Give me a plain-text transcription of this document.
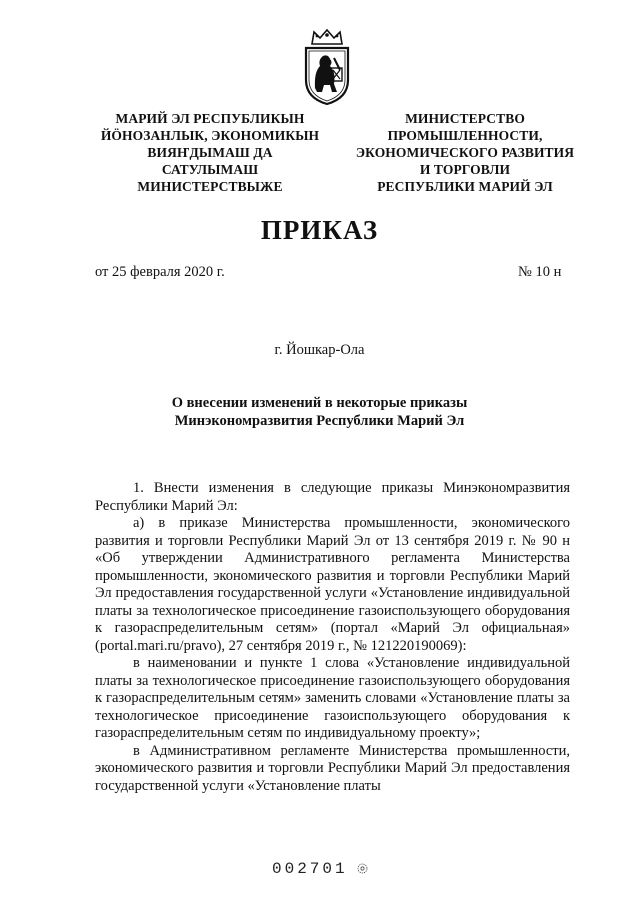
МАРИЙ ЭЛ РЕСПУБЛИКЫН
ЙӦНОЗАНЛЫК, ЭКОНОМИКЫН
ВИЯҤДЫМАШ ДА
САТУЛЫМАШ
МИНИСТЕРСТВЫЖЕ
МИНИСТЕРСТВО
ПРОМЫШЛЕННОСТИ,
ЭКОНОМИЧЕСКОГО РАЗВИТИЯ
И ТОРГОВЛИ
РЕСПУБЛИКИ МАРИЙ ЭЛ
ПРИКАЗ
от 25 февраля 2020 г.	№ 10 н
г. Йошкар-Ола
О внесении изменений в некоторые приказы
Минэкономразвития Республики Марий Эл

1. Внести изменения в следующие приказы Минэкономразвития Республики Марий Эл:

а) в приказе Министерства промышленности, экономического развития и торговли Республики Марий Эл от 13 сентября 2019 г. № 90 н «Об утверждении Административного регламента Министерства промышленности, экономического развития и торговли Республики Марий Эл предоставления государственной услуги «Установление индивидуальной платы за технологическое присоединение газоиспользующего оборудования к газораспределительным сетям» (портал «Марий Эл официальная» (portal.mari.ru/pravo), 27 сентября 2019 г., № 121220190069):

в наименовании и пункте 1 слова «Установление индивидуальной платы за технологическое присоединение газоиспользующего оборудования к газораспределительным сетям» заменить словами «Установление платы за технологическое присоединение газоиспользующего оборудования к газораспределительным сетям по индивидуальному проекту»;

в Административном регламенте Министерства промышленности, экономического развития и торговли Республики Марий Эл предоставления государственной услуги «Установление платы

002701
